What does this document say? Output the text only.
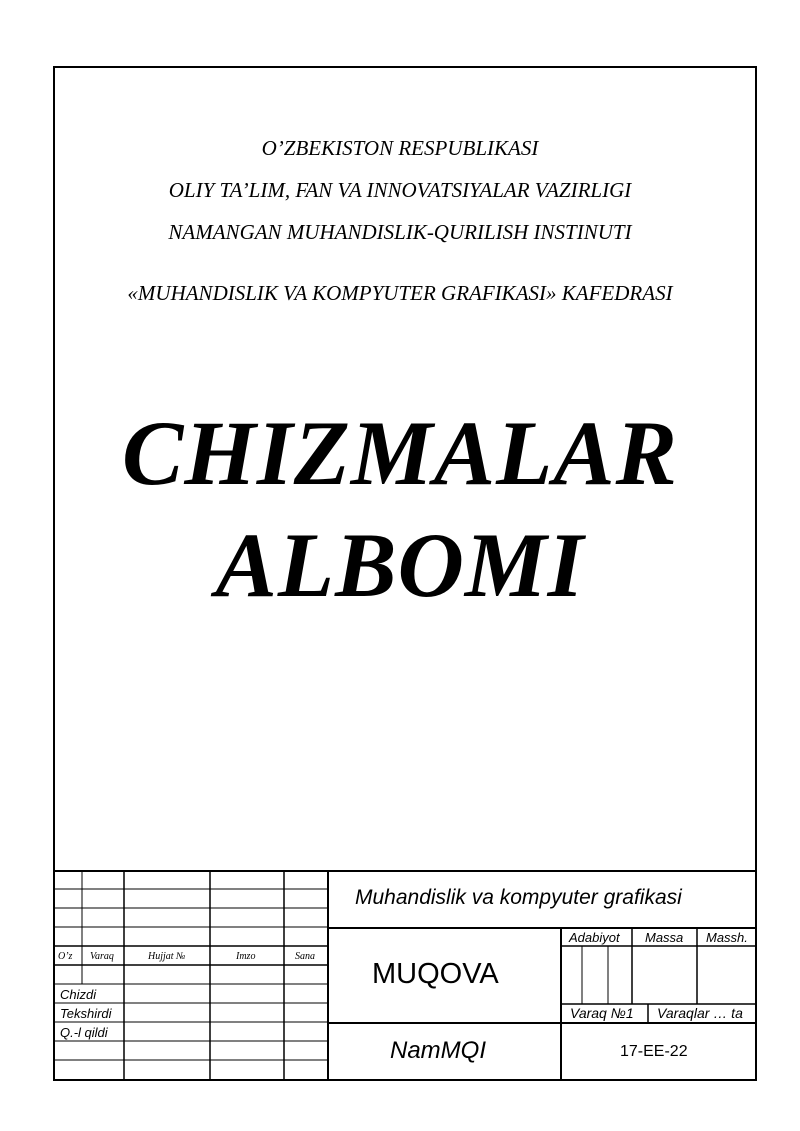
O’ZBEKISTON RESPUBLIKASI
OLIY TA’LIM, FAN VA INNOVATSIYALAR VAZIRLIGI
NAMANGAN MUHANDISLIK-QURILISH INSTINUTI
«MUHANDISLIK VA KOMPYUTER GRAFIKASI» KAFEDRASI
CHIZMALAR
ALBOMI
Muhandislik va kompyuter grafikasi
MUQOVA
NamMQI	17-EE-22
Adabiyot Massa Massh.
Varaq №1 Varaqlar … ta
O’z Varaq	Hujjat №	Imzo	Sana
Chizdi
Tekshirdi
Q.-l qildi
